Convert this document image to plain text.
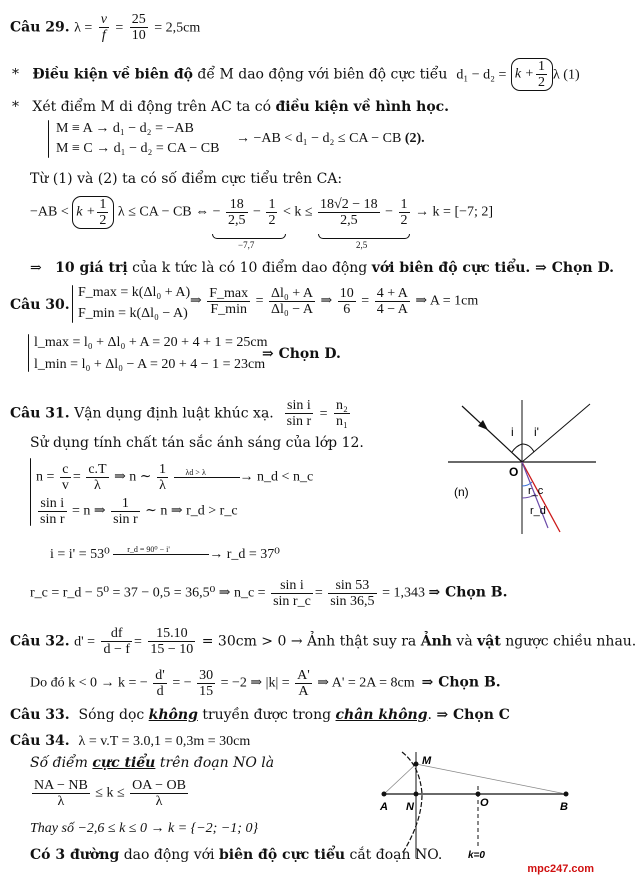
Câu 29. $\lambda = \frac{v}{f} = \frac{25}{10} = 2,5cm$
* Điều kiện về biên độ để M dao động với biên độ cực tiểu $d_1 - d_2 = k + \frac{1}{2}$ λ (1)
* Xét điểm M di động trên AC ta có điều kiện về hình học.
M ≡ A → d₁ − d₂ = −AB
M ≡ C → d₁ − d₂ = CA − CB
→ −AB < d₁ − d₂ ≤ CA − CB (2).
Từ (1) và (2) ta có số điểm cực tiểu trên CA:
$-AB < k + \frac{1}{2}$ λ ≤ CA − CB ⇔ − $\frac{18}{2,5} - \frac{1}{2} < k \le \frac{18√2 - 18}{2,5} - \frac{1}{2} \to k = [-7$; 2]
−7,7	2,5
⇒ 10 giá trị của k tức là có 10 điểm dao động với biên độ cực tiểu. ⇒ Chọn D.
Câu 30.
F_max = k(Δl₀ + A)
F_min = k(Δl₀ − A)
⇒ $\frac{F\_\max}{F\_\min} = \frac{\text{Δl₀ + A}}{\text{Δl₀ − A}}$ ⇒ $\frac{10}{6} = \frac{4 + A}{4 - A}$ ⇒ A = 1cm
l_max = l₀ + Δl₀ + A = 20 + 4 + 1 = 25cm
l_min = l₀ + Δl₀ − A = 20 + 4 − 1 = 23cm
⇒ Chọn D.
Câu 31. Vận dụng định luật khúc xạ. $\frac{\text{sin i}}{\text{sin r}} = \frac{\text{n₂}}{\text{n₁}}$
Sử dụng tính chất tán sắc ánh sáng của lớp 12.
$n = \frac{c}{v} = \frac{c.T}{\lambda}$ ⇒ n ∼ $\frac{1}{\lambda}$
λd > λ → n_d < n_c
$\frac{\text{sin i}}{\text{sin r}} = n$ ⇒ $\frac{1}{\text{sin r}}$ ∼ n ⇒ r_d > r_c
i = i' = 53⁰ r_d = 90⁰ − i'	→ r_d = 37⁰
r_c = r_d − 5⁰ = 37 − 0,5 = 36,5⁰ ⇒ n_c = $\frac{\text{sin i}}{\text{sin r\_c}} = \frac{\sin 53}{\sin 36,5} = 1,343$ ⇒ Chọn B.
i i'
O
(n)	r_c
r_d
Câu 32. $d' = \frac{df}{d - f} = \frac{15.10}{15 - 10} = 30cm > 0$ → Ảnh thật suy ra Ảnh và vật ngược chiều nhau.
Do đó k < 0 → k = − $\frac{d'}{d}$ = − $\frac{30}{15} = -2$ ⇒ $|k| = \frac{A'}{A}$ ⇒ A' = 2A = 8cm ⇒ Chọn B.
Câu 33. Sóng dọc không truyền được trong chân không. ⇒ Chọn C
Câu 34. λ = v.T = 3.0,1 = 0,3m = 30cm
Số điểm cực tiểu trên đoạn NO là
$\frac{NA - NB}{\lambda} \le k \le \frac{OA - OB}{\lambda}$
Thay số −2,6 ≤ k ≤ 0 → k = {−2; −1; 0}
Có 3 đường dao động với biên độ cực tiểu cắt đoạn NO.
M
A N	O	B
k=0
mpc247.com
